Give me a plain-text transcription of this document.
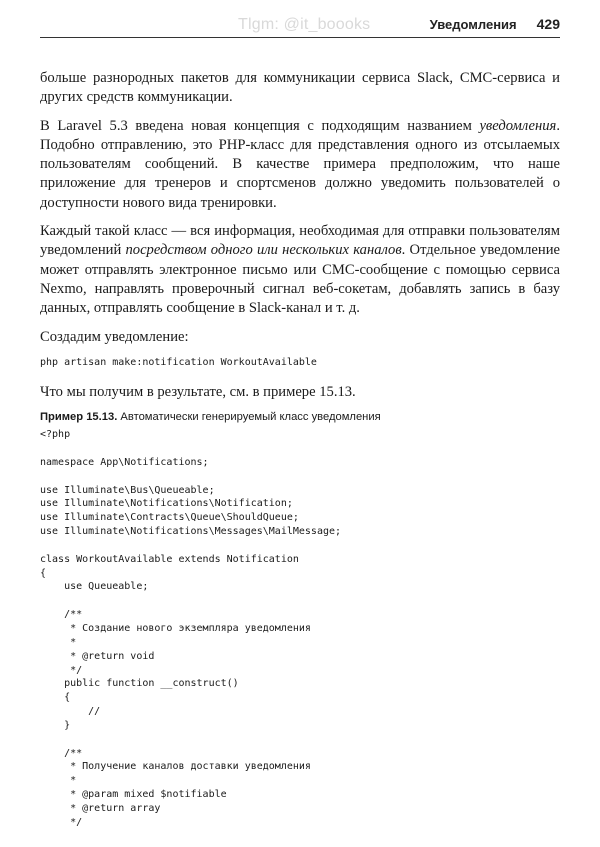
Tlgm: @it_boooks	Уведомления 429

больше разнородных пакетов для коммуникации сервиса Slack, СМС-сервиса и других средств коммуникации.

В Laravel 5.3 введена новая концепция с подходящим названием уведомления. Подобно отправлению, это PHP-класс для представления одного из отсылаемых пользователям сообщений. В качестве примера предположим, что наше приложение для тренеров и спортсменов должно уведомить пользователей о доступности нового вида тренировки.

Каждый такой класс — вся информация, необходимая для отправки пользователям уведомлений посредством одного или нескольких каналов. Отдельное уведомление может отправлять электронное письмо или СМС-сообщение с помощью сервиса Nexmo, направлять проверочный сигнал веб-сокетам, добавлять запись в базу данных, отправлять сообщение в Slack-канал и т. д.

Создадим уведомление:

php artisan make:notification WorkoutAvailable

Что мы получим в результате, см. в примере 15.13.

Пример 15.13. Автоматически генерируемый класс уведомления
<?php

namespace App\Notifications;

use Illuminate\Bus\Queueable;
use Illuminate\Notifications\Notification;
use Illuminate\Contracts\Queue\ShouldQueue;
use Illuminate\Notifications\Messages\MailMessage;

class WorkoutAvailable extends Notification
{
use Queueable;

/**
* Создание нового экземпляра уведомления
*
* @return void
*/
public function __construct()
{
//
}

/**
* Получение каналов доставки уведомления
*
* @param mixed $notifiable
* @return array
*/
